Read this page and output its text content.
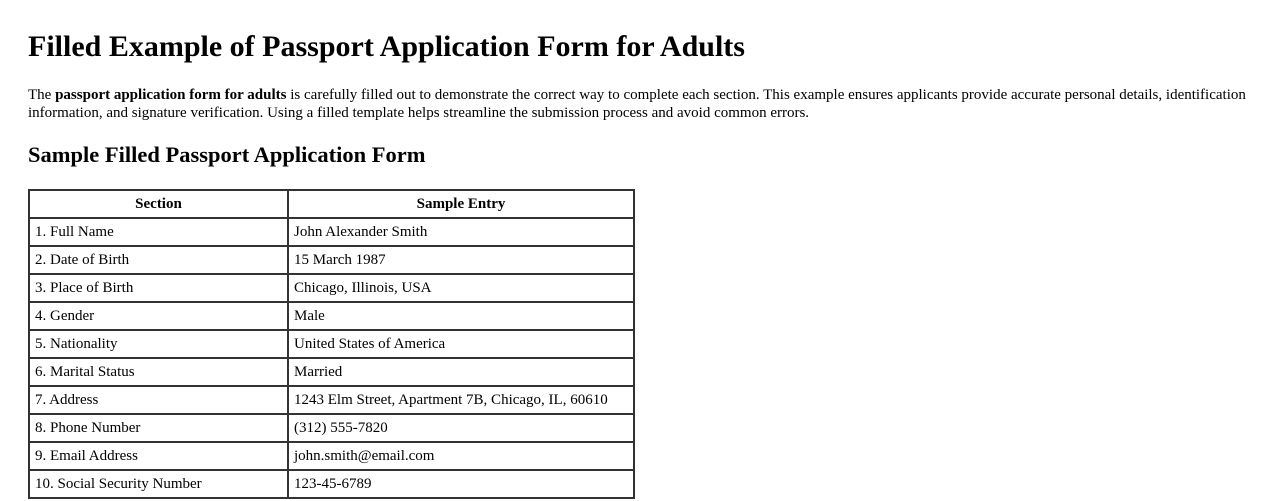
Filled Example of Passport Application Form for Adults

The passport application form for adults is carefully filled out to demonstrate the correct way to complete each section. This example ensures applicants provide accurate personal details, identification information, and signature verification. Using a filled template helps streamline the submission process and avoid common errors.

Sample Filled Passport Application Form
Section	Sample Entry
1. Full Name	John Alexander Smith
2. Date of Birth	15 March 1987
3. Place of Birth	Chicago, Illinois, USA
4. Gender	Male
5. Nationality	United States of America
6. Marital Status	Married
7. Address	1243 Elm Street, Apartment 7B, Chicago, IL, 60610
8. Phone Number	(312) 555-7820
9. Email Address	john.smith@email.com
10. Social Security Number	123-45-6789
